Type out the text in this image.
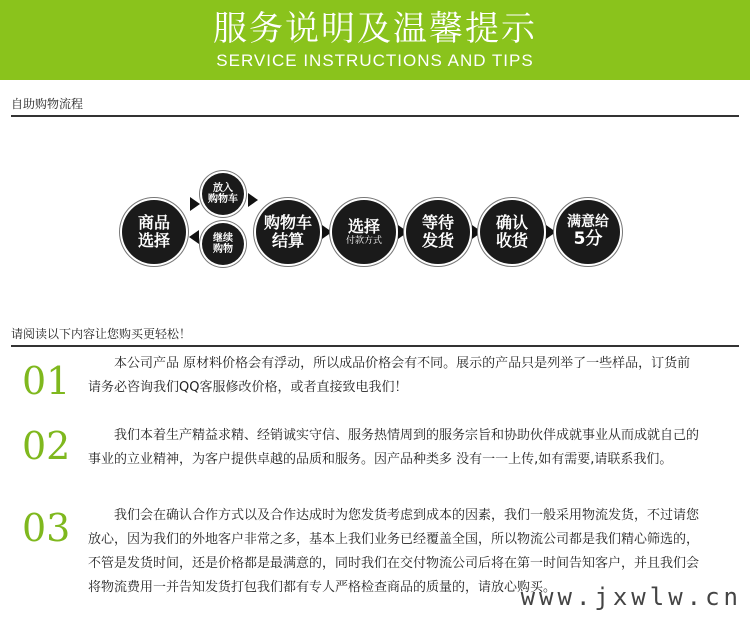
服务说明及温馨提示
SERVICE INSTRUCTIONS AND TIPS
自助购物流程
商品
选择
放入
购物车
继续
购物
购物车
结算
选择
付款方式
等待
发货
确认
收货
满意给
5分
请阅读以下内容让您购买更轻松！
01	本公司产品 原材料价格会有浮动，所以成品价格会有不同。展示的产品只是列举了一些样品，订货前请务必咨询我们QQ客服修改价格，或者直接致电我们！
02	我们本着生产精益求精、经销诚实守信、服务热情周到的服务宗旨和协助伙伴成就事业从而成就自己的事业的立业精神，为客户提供卓越的品质和服务。因产品种类多 没有一一上传,如有需要,请联系我们。
03	我们会在确认合作方式以及合作达成时为您发货考虑到成本的因素，我们一般采用物流发货，不过请您放心，因为我们的外地客户非常之多，基本上我们业务已经覆盖全国，所以物流公司都是我们精心筛选的，不管是发货时间，还是价格都是最满意的，同时我们在交付物流公司后将在第一时间告知客户，并且我们会将物流费用一并告知发货打包我们都有专人严格检查商品的质量的，请放心购买。
www.jxwlw.cn
